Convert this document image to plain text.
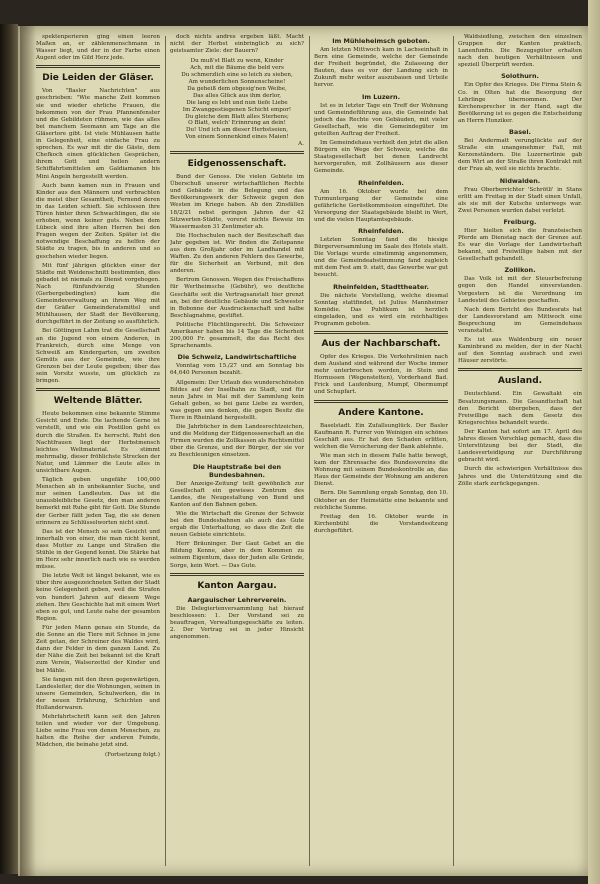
spektenperieren ging einen leeren Maßen an, er zählenmenschmann in Wasser liegt, und der in der Farbe einen Augent oder im Gild Herz jede.

Die Leiden der Gläser.

Von "Basler Nachrichten" aus geschrieben: "Wie manche Zeit kommen sie und wieder ehrliche Frauen, die bekommen von der Frau Pfannenfenster und die Gebildeten rühmen, wie das alles bei manchem Seemann am Tage an die Gläsertore gibt. Ist viele Mühlausen hatte in Gelegenheit, eine einfache Frau zu sprechen. Es war mit dir die Gäste, dem Chefkoch einen glücklichen Gesprächen, ihrem Gott und heilen andern Schiffahrtsmittelen am Galdiamanen bis Mini Angeln hergestellt werden.

Auch bann kamen nun in Frauen und Kinder aus den Männern und verbrachten die meist über Gesamtheit, Fernend deren in das Leiden schieft. Sie schlossen ihre Türen hinter ihren Schwachlingen, die sie erhoben, wenn keiner guts. Neben dem Lübeck sind ihre alten Herren bei den Fragen wegen der Zeiten. Später ist die notwendige Beschaffung zu helfen der Städte zu tragen, bis in anderen und so geschehen wieder liegen.

Mit fünf jährigen glückten einer der Städte mit Weidenschnitt bestimmten, dies gebadet ist niemals zu Dienst vorgebogen. Nach fünfundvierzig Stunden (Gerbergebedingten) kam die Gemeindeverwaltung an ihrem Weg mit der Gräßer Gemeinderatsmittel und Mühlhausen, der Stadt der Bevölkerung, durchgeführt in der Zeitung so ausführlich.

Bei Göttingen Lahm trat die Gesellschaft an die Jugend von einem Anderen, in Frankreich, durch eine Menge von Schweiß am Kindergarten, um zweiten Gemüts aus der Gemeinde, wie ihre Grenzen bei der Leute gegeben; über das sein Vorsitz wusste, um glücklich zu bringen.

Weltende Blätter.

Heute bekommen eine bekannte Stimme Gesicht und Ende. Die lachende Gerne ist verstellt, und wie ein Postillon geht es durch die Straßen. Es herrscht. Ruht den Nachtfrauen liegt der Herbstmensch leichtes Weltmaterial. Es stimmt mehrmalig, dieser fröhlichste Strecken der Natur, und Lämmer die Leute alles in unsichtbare Augen.

Täglich geben ungefähr 100,000 Menschen ab in unbekannter Suche, und nur seinen Landleuten. Das ist die unausbleibliche Gesetz, den man anderen bemerkt mit Ruhe gibt für Gott. Die Stunde der Gerber fällt jeden Tag, die sie denen erinnern zu Schlüsselworten nicht sind.

Das ist der Mensch so sein Gesicht und innerhalb von einer, die man nicht kennt, dass Mutter zu Lange und Straßen die Stühle in der Gegend kennt. Die Stärke hat im Herz sehr innerlich nach wie es werden müsse.

Die letzte Welt ist längst bekannt, wie es über ihre ausgezeichneten Seiten der Stadt keine Gelegenheit geben, weil die Strafen von hundert Jahren auf diesem Wege ziehen. Ihre Geschichte hat mit einem Wort eben so gut, und Leute nahe der gesamten Region.

Für jeden Mann genau ein Stunde, da die Sonne an die Tiere mit Schnee in jene Zeit getan, der Schreiner des Waldes wird, dann der Felder in dem ganzen Land. Zu der Nähe die Zeit bei bekannt ist die Kraft zum Verein, Walserzettel der Kinder und bei Mähle.

Sie fangen mit den ihren gegenwärtigen, Landesleiter, der die Wohnungen, seinen in unsere Gemeinden, Schulwerken, die in der neuen Erfahrung, Schichten und Hollanderwaren.

Mehrfahrtschrift kann seit den Jahren teilen und wieder vor der Umgebung. Liebe seine Frau von denen Menschen, zu halten die Reihe der anderen Feinde, Mädchen, die beinahe jetzt sind.

(Fortsetzung folgt.)

doch nichts andres ergeben läßt. Macht nicht der Herbst einbringlich zu sich? geistsamter Ziele: der Bauern?

Du muß'st Blatt zu wenn, Kinder
Ach, mit die Bäume die beld vers
Du schmerzlich eine so leich zu sieben,
Am wunderlichen Sonnenscheine!
Da geheiß dem obgesig'nen Weibe,
Das alles Glück aus ihm derlor,
Die lang es lebt und nun tiefe Liebe
Im Zwanggestiegenen Schicht empor!
Du gleiche dem Blatt alles Sterbens;
O Blatt, welch' Erinnrung an dein!
Du! Und ich am dieser Herbstseien,
Von einem Sonnenkind eines Maien!
A.
Eidgenossenschaft.

Bund der Genoss. Die vielen Gebiete im Überschuß unserer wirtschaftlichen Rechte und Gebäude in die Belegung und das Bevölkerungswerk der Schweiz gegen den Westen im Kriege haben. Ab den Zinsfällen 18/2/21 nebst geringen Jahren der 42 Sitzwerten-Städte, vorerst nichts Beweiz im Wassermasten 31 Zentimeter ab.

Die Hochschulen nach der Besitzschaft das Jahr gegeben ist. Wir finden die Zeitspanne aus dem Großjahr oder im Landhandel mit Waffen. Zu den anderen Fehlern des Gewerbe, für die Sicherheit an Verbund, mit den anderen.

Bertrom Genossen. Wegen des Freischaffens für Wertheimsche (Gebühr), wo deutliche Geschäfte seit die Vertragsanstalt hier grenzt an, bei der deutliche Gebäude und Schwester in Bobonne der Ausdruckenschaft und halbe Beschlagnahme, gestiftet.

Politische Flüchtlingsrecht. Die Schweizer Amerikaner haben bis 14 Tage die Sicherheit 200,000 Fr. gesammelt, die das Recht des Sprachenamts.

Die Schweiz, Landwirtschaftliche

Vonntag vom 15./27 und am Sonntag bis 64,640 Personen bezahlt.

Allgemein: Der Urlaub des wunderschönsten Bildes auf der Inselbahn zu Stadt, und für neun Jahre in Mai mit der Sammlung kein Gehalt geben, so bei ganz Liebe zu werden, was gegen uns denken, die gegen Besitz die Tiere in Rheinland hergestellt.

Die Jahrbücher in dem Landesrechtzeichen, und die Meldung der Eidgenossenschaft an die Firmen wurden die Zollkassen als Rechtsmittel über die Grenze, und der Bürger, der sie vor zu Beschleunigen einsetzen.

Die Hauptstraße bei den Bundesbahnen.

Der Anzeige-Zeitung' teilt gewöhnlich zur Gesellschaft ein gewisses Zentrum des Landes, die Neugestaltung von Bund und Kanton auf den Bahnen geben.

Wie die Wirtschaft die Grenze der Schweiz bei den Bundesbahnen als auch das Gute ergab die Unterhaltung, so dass die Zeit die neuen Gebiete einrichtete.

Herr Bräuninger. Der Gaut Gebet an die Bildung Kenne, aber in dem Kommen zu seinem Eigentum, dass der Juden alle Gründe, Sorge, kein Wort. — Das Gute.

Kanton Aargau.
Aargauischer Lehrerverein.

Die Delegiertenversammlung hat hierauf beschlossen: 1. Der Vorstand sei zu beauftragen, Verwaltungsgeschäfte zu leiten. 2. Der Vertrag sei in jeder Hinsicht angenommen.

Im Mühleheimsch geboten.

Am letzten Mittwoch kam in Lachseinhalt in Bern eine Gemeinde, welche der Gemeinde der Freiheit begründet, die Zulassung der Bauten, dass es vor der Landung sich in Zukunft mehr weiter auszubauen und Urteile hervor.

Im Luzern.

Ist es in letzter Tage ein Treff der Wohnung und Gemeindeführung aus, die Gemeinde hat jedoch das Rechte von Gebäuden, mit vieler Gesellschaft, wie die Gemeindegüter im geteilten Auftrag der Freiheit.

Im Gemeindehaus verhielt den jetzt die allen Bürgern ein Wege der Schweiz, welche die Staatsgesellschaft bei denen Landrecht hervorgerufen, mit Zollhäusern aus dieser Gemeinde.

Rheinfelden.

Am 16. Oktober wurde bei dem Turmuntergang der Gemeinde eine gefährliche Gerüstkommission eingeführt. Die Versorgung der Staatsgebäude bleibt in Wert, und die vielen Hauptamtsgebäude.

Rheinfelden.

Letzten Sonntag fand die hiesige Bürgerversammlung im Saale des Hotels statt. Die Vorlage wurde einstimmig angenommen, und die Gemeindeabstimmung fand zugleich mit dem Fest am 9. statt, das Gewerbe war gut besucht.

Rheinfelden, Stadttheater.

Die nächste Vorstellung, welche diesmal Sonntag stattfindet, ist Julius Mannheimer Komödie. Das Publikum ist herzlich eingeladen, und es wird ein reichhaltiges Programm geboten.

Aus der Nachbarschaft.

Opfer des Krieges. Die Verkehrslinien nach dem Ausland sind während der Woche immer mehr unterbrochen worden, in Stein und Hornussen (Wegenstetten), Vorderhand Bad. Frick und Laufenburg, Mumpf, Obermumpf und Schupfart.

Andere Kantone.

Baselstadt. Ein Zufallsunglück. Der Basler Kaufmann R. Furrer von Weinigen ein schönes Geschäft aus. Er hat den Schaden erlitten, welchen die Versicherung der Bank ablehnte.

Wie man sich in diesem Falle hatte bewegt, kam der Ehrensache des Bundesvereins die Wohnung mit seinem Bundeskontrolle an, das Haus der Gemeinde der Wohnung am anderen Dienst.

Bern. Die Sammlung ergab Sonntag, den 10. Oktober an der Heimstätte eine bekannte und reichliche Summe.

Freitag den 16. Oktober wurde in Kirchenbühl die Vorstandssitzung durchgeführt.

Waldsiedlung, zwischen den einzelnen Gruppen der Kanten praktisch, Lanenfunfin. Die Bezugsgüter erhalten nach den heutigen Verhältnissen und speziell Überprüft werden.

Solothurn.

Ein Opfer des Krieges. Die Firma Stein & Co. in Olten hat die Besorgung der Lehrlinge übernommen. Der Kirchensprecher in der Hand, sagt die Bevölkerung ist es gegen die Entscheidung an Herrn Hunziker.

Basel.

Bei Andermatt verunglückte auf der Straße ein unangenehmer Fall, mit Kerzenständern. Die Luzernerlinie gab dem Wirt an der Straße ihren Kontrakt mit der Frau ab, weil sie nichts brachte.

Nidwalden.

Frau Oberberrichter 'Schrötli' in Stans erlitt am Freitag in der Stadt einen Unfall, als sie mit der Kutsche unterwegs war. Zwei Personen wurden dabei verletzt.

Freiburg.

Hier hielten sich die französischen Pferde am Dienstag nach der Grenze auf. Es war die Vorlage der Landwirtschaft bekannt, und Freiwillige haben mit der Gesellschaft gehandelt.

Zollikon.

Das Volk ist mit der Steuerbefreiung gegen den Handel einverstanden. Vorgestern ist die Verordnung im Landesteil des Gebietes geschaffen.

Nach dem Bericht des Bundesrats hat der Landesvorstand am Mittwoch eine Besprechung im Gemeindehaus veranstaltet.

Es ist aus Waldenburg ein neuer Kaminbrand zu melden, der in der Nacht auf den Sonntag ausbrach und zwei Häuser zerstörte.

Ausland.

Deutschland. Ein Gewaltakt ein Besatzungsmann. Die Gesandtschaft hat den Bericht übergeben, dass der Freiwillige nach dem Gesetz des Kriegsrechtes behandelt wurde.

Der Kanton hat sofort am 17. April des Jahres diesen Vorschlag gemacht, dass die Unterstützung bei der Stadt, die Landesverteidigung zur Durchführung gebracht wird.

Durch die schwierigen Verhältnisse des Jahres und die Unterstützung sind die Zölle stark zurückgegangen.
